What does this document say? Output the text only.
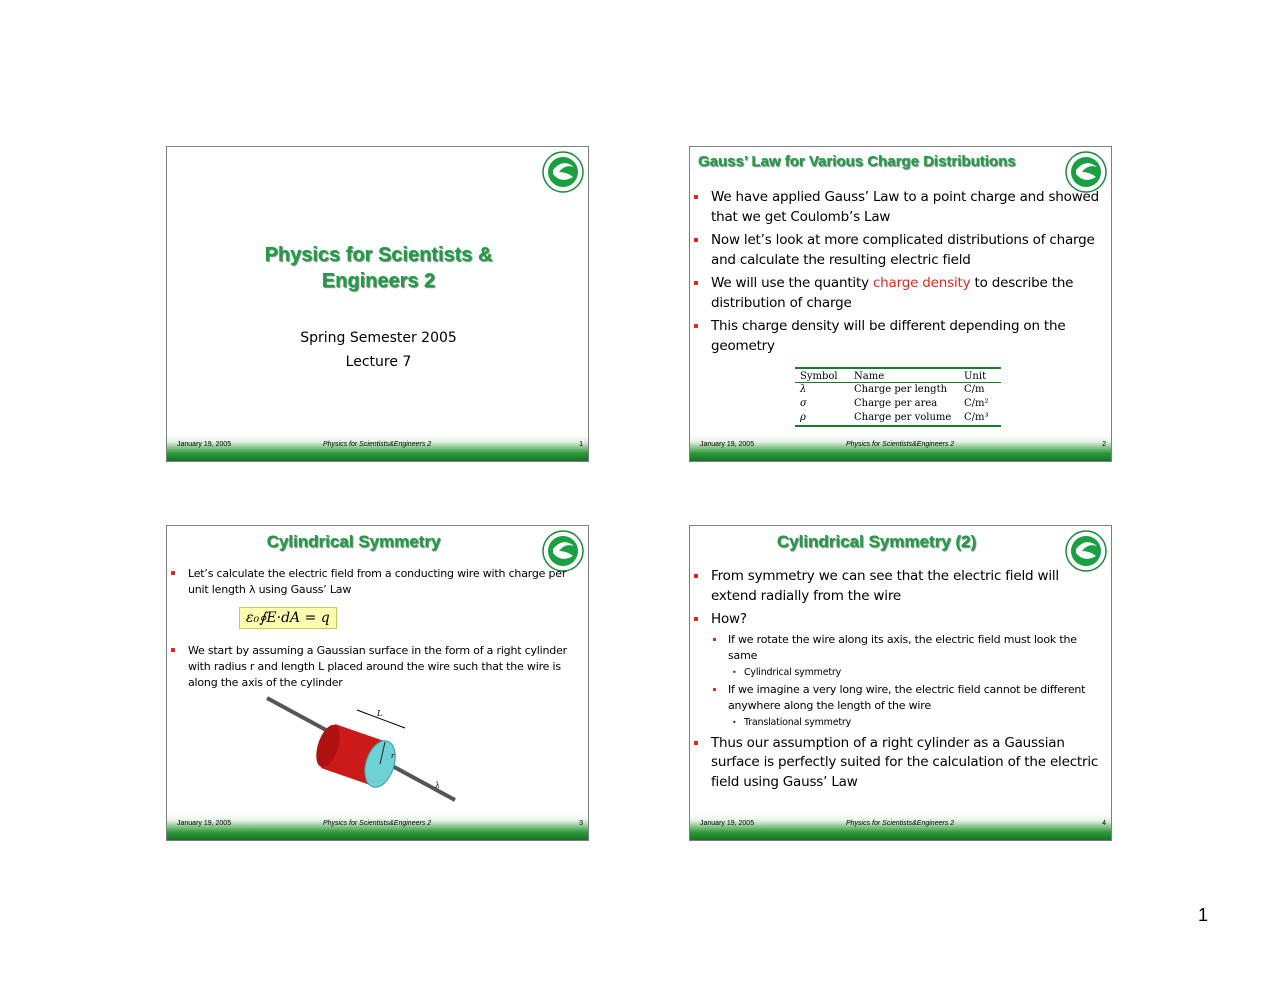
Physics for Scientists &
Engineers 2
Spring Semester 2005
Lecture 7
January 19, 2005	Physics for Scientists&Engineers 2	1
Gauss’ Law for Various Charge Distributions
We have applied Gauss’ Law to a point charge and showed that we get Coulomb’s Law
Now let’s look at more complicated distributions of charge and calculate the resulting electric field
We will use the quantity charge density to describe the distribution of charge
This charge density will be different depending on the geometry
Symbol	Name	Unit
λ	Charge per length	C/m
σ	Charge per area	C/m²
ρ	Charge per volume	C/m³
January 19, 2005	Physics for Scientists&Engineers 2	2
Cylindrical Symmetry
Let’s calculate the electric field from a conducting wire with charge per unit length λ using Gauss’ Law
ε₀∮E·dA = q
We start by assuming a Gaussian surface in the form of a right cylinder with radius r and length L placed around the wire such that the wire is along the axis of the cylinder
L
r
λ
January 19, 2005	Physics for Scientists&Engineers 2	3
Cylindrical Symmetry (2)
From symmetry we can see that the electric field will extend radially from the wire
How?
If we rotate the wire along its axis, the electric field must look the same
• Cylindrical symmetry
If we imagine a very long wire, the electric field cannot be different anywhere along the length of the wire
• Translational symmetry
Thus our assumption of a right cylinder as a Gaussian surface is perfectly suited for the calculation of the electric field using Gauss’ Law
January 19, 2005	Physics for Scientists&Engineers 2	4
1
